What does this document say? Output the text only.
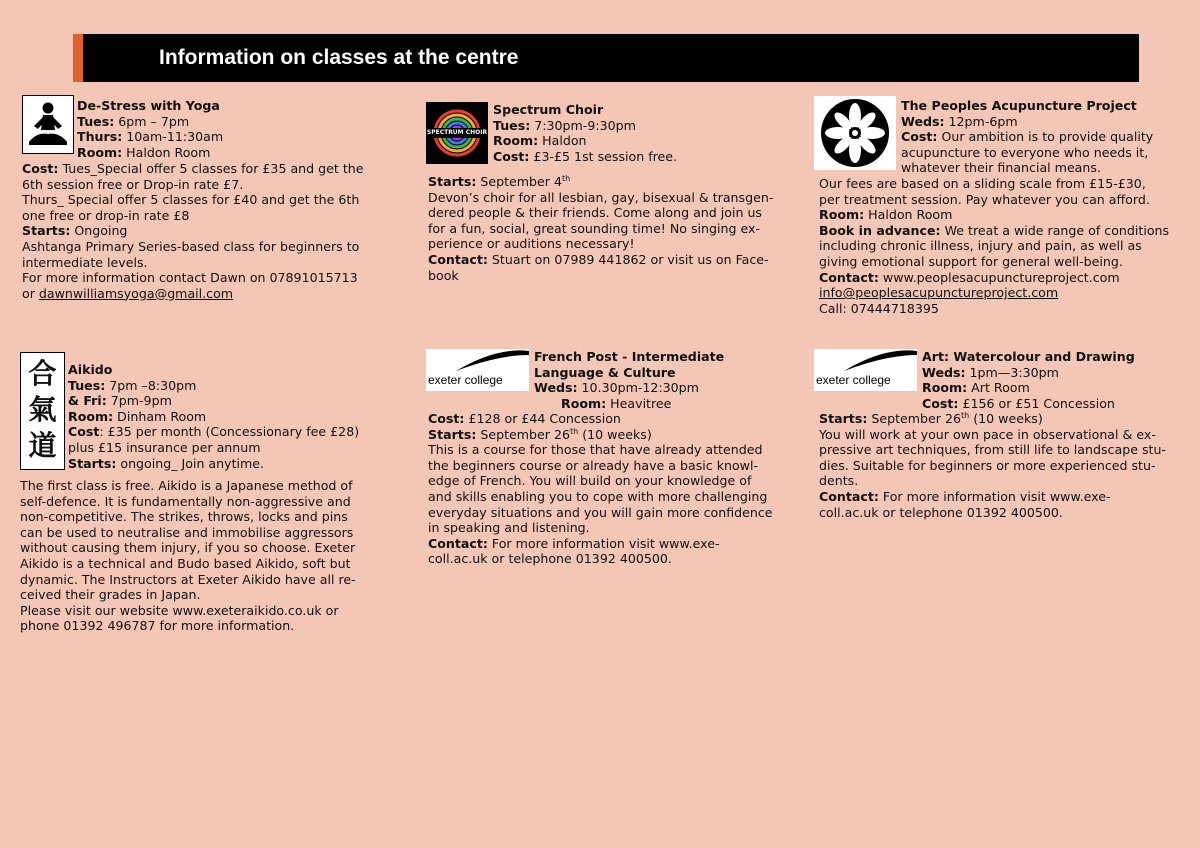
Information on classes at the centre

De-Stress with Yoga

Tues: 6pm – 7pm

Thurs: 10am-11:30am

Room: Haldon Room

Cost: Tues_Special offer 5 classes for £35 and get the

6th session free or Drop-in rate £7.

Thurs_ Special offer 5 classes for £40 and get the 6th

one free or drop-in rate £8

Starts: Ongoing

Ashtanga Primary Series-based class for beginners to

intermediate levels.

For more information contact Dawn on 07891015713

or dawnwilliamsyoga@gmail.com

SPECTRUM CHOIR

Spectrum Choir

Tues: 7:30pm-9:30pm

Room: Haldon

Cost: £3-£5 1st session free.

Starts: September 4th

Devon’s choir for all lesbian, gay, bisexual & transgen-

dered people & their friends. Come along and join us

for a fun, social, great sounding time! No singing ex-

perience or auditions necessary!

Contact: Stuart on 07989 441862 or visit us on Face-

book

The Peoples Acupuncture Project

Weds: 12pm-6pm

Cost: Our ambition is to provide quality

acupuncture to everyone who needs it,

whatever their financial means.

Our fees are based on a sliding scale from £15-£30,

per treatment session. Pay whatever you can afford.

Room: Haldon Room

Book in advance: We treat a wide range of conditions

including chronic illness, injury and pain, as well as

giving emotional support for general well-being.

Contact: www.peoplesacupunctureproject.com

info@peoplesacupunctureproject.com

Call: 07444718395

合
氣
道

Aikido

Tues: 7pm –8:30pm

& Fri: 7pm-9pm

Room: Dinham Room

Cost: £35 per month (Concessionary fee £28)

plus £15 insurance per annum

Starts: ongoing_ Join anytime.

The first class is free. Aikido is a Japanese method of

self-defence. It is fundamentally non-aggressive and

non-competitive. The strikes, throws, locks and pins

can be used to neutralise and immobilise aggressors

without causing them injury, if you so choose. Exeter

Aikido is a technical and Budo based Aikido, soft but

dynamic. The Instructors at Exeter Aikido have all re-

ceived their grades in Japan.

Please visit our website www.exeteraikido.co.uk or

phone 01392 496787 for more information.

exeter college

French Post - Intermediate

Language & Culture

Weds: 10.30pm-12:30pm

Room: Heavitree

Cost: £128 or £44 Concession

Starts: September 26th (10 weeks)

This is a course for those that have already attended

the beginners course or already have a basic knowl-

edge of French. You will build on your knowledge of

and skills enabling you to cope with more challenging

everyday situations and you will gain more confidence

in speaking and listening.

Contact: For more information visit www.exe-

coll.ac.uk or telephone 01392 400500.

exeter college

Art: Watercolour and Drawing

Weds: 1pm—3:30pm

Room: Art Room

Cost: £156 or £51 Concession

Starts: September 26th (10 weeks)

You will work at your own pace in observational & ex-

pressive art techniques, from still life to landscape stu-

dies. Suitable for beginners or more experienced stu-

dents.

Contact: For more information visit www.exe-

coll.ac.uk or telephone 01392 400500.
